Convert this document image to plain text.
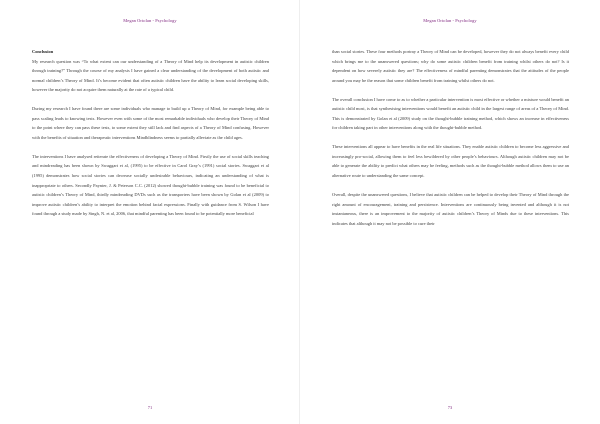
Megan Ortolan - Psychology

Conclusion

My research question was “To what extent can our understanding of a Theory of Mind help its development in autistic children through training?” Through the course of my analysis I have gained a clear understanding of the development of both autistic and normal children’s Theory of Mind. It’s become evident that often autistic children have the ability to learn social developing skills, however the majority do not acquire them naturally at the rate of a typical child.

During my research I have found there are some individuals who manage to build up a Theory of Mind, for example being able to pass scaling leads to knowing tests. However even with some of the most remarkable individuals who develop their Theory of Mind to the point where they can pass these tests, to some extent they still lack and find aspects of a Theory of Mind confusing. However with the benefits of situation and therapeutic interventions Mindblindness seems to partially alleviate as the child ages.

The interventions I have analysed reiterate the effectiveness of developing a Theory of Mind. Firstly the use of social skills teaching and mindreading has been shown by Swaggart et al, (1995) to be effective in Carol Gray’s (1991) social stories. Swaggart et al (1995) demonstrates how social stories can decrease socially undesirable behaviours, indicating an understanding of what is inappropriate to others. Secondly Paynter, J. & Peterson C.C. (2012) showed thought-bubble training was found to be beneficial to autistic children’s Theory of Mind, thirdly mindreading DVDs such as the transporters have been shown by Golan et al (2009) to improve autistic children’s ability to interpret the emotion behind facial expressions. Finally with guidance from S. Wilson I have found through a study made by Singh, N. et al, 2006, that mindful parenting has been found to be potentially more beneficial

71
Megan Ortolan - Psychology

than social stories. These four methods portray a Theory of Mind can be developed, however they do not always benefit every child which brings me to the unanswered questions; why do some autistic children benefit from training whilst others do not? Is it dependent on how severely autistic they are? The effectiveness of mindful parenting demonstrates that the attitudes of the people around you may be the reason that some children benefit from training whilst others do not.

The overall conclusion I have come to as to whether a particular intervention is most effective or whether a mixture would benefit an autistic child most, is that synthesising interventions would benefit an autistic child in the largest range of areas of a Theory of Mind. This is demonstrated by Golan et al (2009) study on the thought-bubble training method, which shows an increase in effectiveness for children taking part in other interventions along with the thought-bubble method.

These interventions all appear to have benefits in the real life situations. They enable autistic children to become less aggressive and increasingly pro-social, allowing them to feel less bewildered by other people’s behaviours. Although autistic children may not be able to generate the ability to predict what others may be feeling, methods such as the thought-bubble method allows them to use an alternative route to understanding the same concept.

Overall, despite the unanswered questions, I believe that autistic children can be helped to develop their Theory of Mind through the right amount of encouragement, training and persistence. Interventions are continuously being invented and although it is not instantaneous, there is an improvement to the majority of autistic children’s Theory of Minds due to these interventions. This indicates that although it may not be possible to cure their

73
